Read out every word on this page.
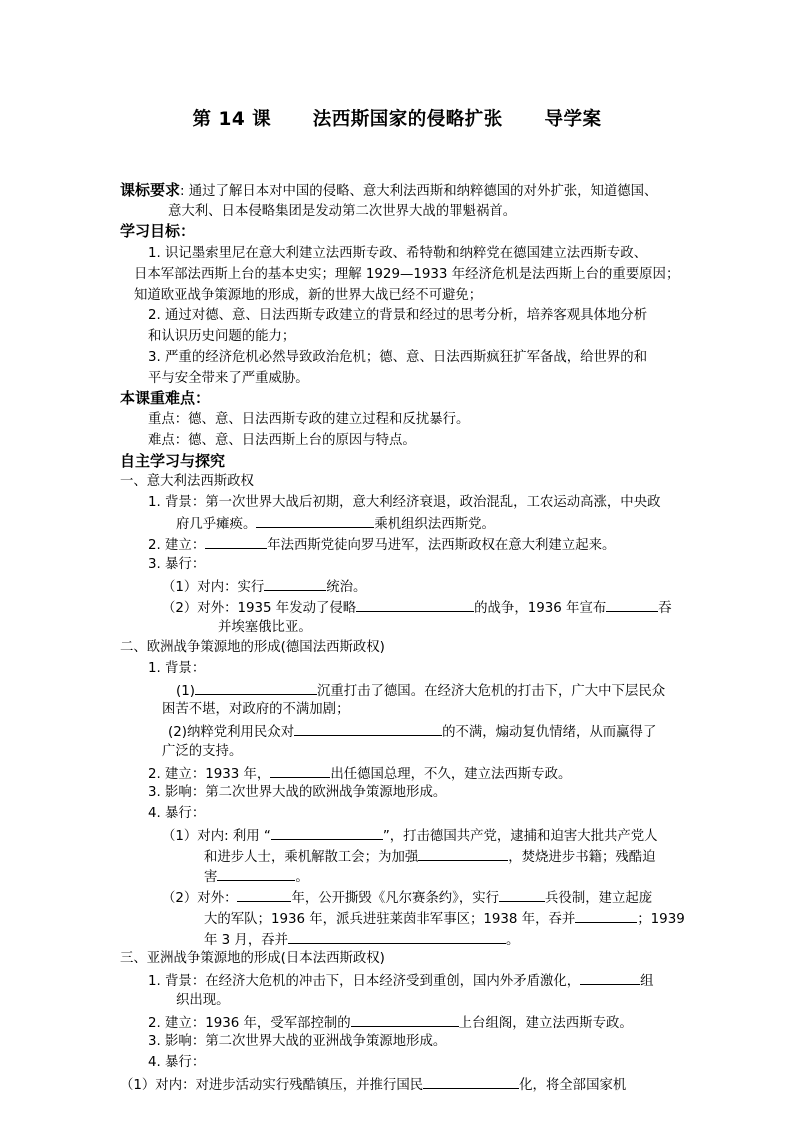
第 14 课      法西斯国家的侵略扩张      导学案
课标要求: 通过了解日本对中国的侵略、意大利法西斯和纳粹德国的对外扩张，知道德国、
意大利、日本侵略集团是发动第二次世界大战的罪魁祸首。
学习目标：
1. 识记墨索里尼在意大利建立法西斯专政、希特勒和纳粹党在德国建立法西斯专政、
日本军部法西斯上台的基本史实；理解 1929—1933 年经济危机是法西斯上台的重要原因；
知道欧亚战争策源地的形成，新的世界大战已经不可避免；
2. 通过对德、意、日法西斯专政建立的背景和经过的思考分析，培养客观具体地分析
和认识历史问题的能力；
3. 严重的经济危机必然导致政治危机；德、意、日法西斯疯狂扩军备战，给世界的和
平与安全带来了严重威胁。
本课重难点：
重点：德、意、日法西斯专政的建立过程和反扰暴行。
难点：德、意、日法西斯上台的原因与特点。
自主学习与探究
一、意大利法西斯政权
1. 背景：第一次世界大战后初期，意大利经济衰退，政治混乱，工农运动高涨，中央政
府几乎瘫痪。	乘机组织法西斯党。
2. 建立：	年法西斯党徒向罗马进军，法西斯政权在意大利建立起来。
3. 暴行：
（1）对内：实行	统治。
（2）对外：1935 年发动了侵略	的战争，1936 年宣布	吞
并埃塞俄比亚。
二、欧洲战争策源地的形成(德国法西斯政权)
1. 背景：
(1)	沉重打击了德国。在经济大危机的打击下，广大中下层民众
困苦不堪，对政府的不满加剧；
(2)纳粹党利用民众对	的不满，煽动复仇情绪，从而赢得了
广泛的支持。
2. 建立：1933 年，	出任德国总理，不久，建立法西斯专政。
3. 影响：第二次世界大战的欧洲战争策源地形成。
4. 暴行：
（1）对内: 利用 “	”，打击德国共产党，逮捕和迫害大批共产党人
和进步人士，乘机解散工会；为加强	，焚烧进步书籍；残酷迫
害	。
（2）对外：	年，公开撕毁《凡尔赛条约》，实行	兵役制，建立起庞
大的军队；1936 年，派兵进驻莱茵非军事区；1938 年，吞并	；1939
年 3 月，吞并	。
三、亚洲战争策源地的形成(日本法西斯政权)
1. 背景：在经济大危机的冲击下，日本经济受到重创，国内外矛盾激化，	组
织出现。
2. 建立：1936 年，受军部控制的	上台组阁，建立法西斯专政。
3. 影响：第二次世界大战的亚洲战争策源地形成。
4. 暴行：
（1）对内：对进步活动实行残酷镇压，并推行国民	化，将全部国家机
